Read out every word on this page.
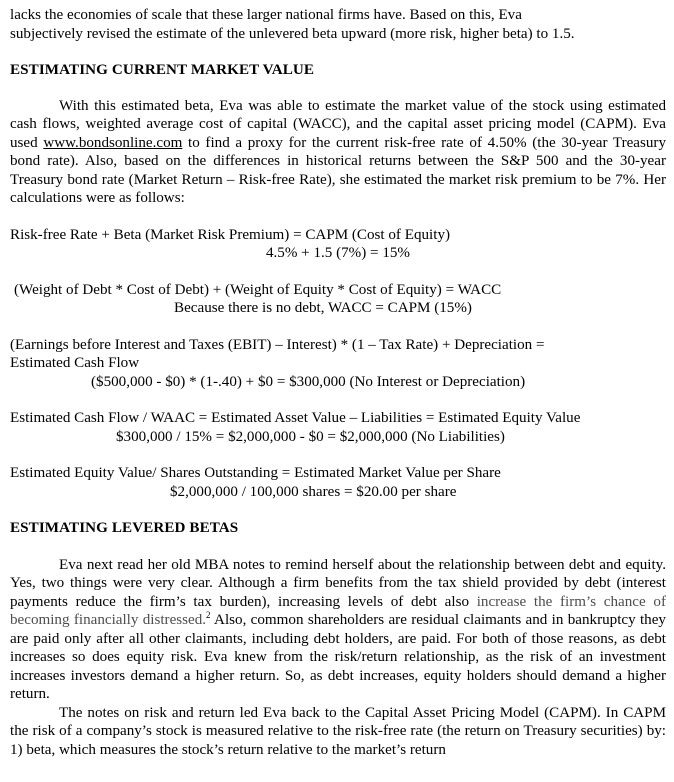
lacks the economies of scale that these larger national firms have. Based on this, Eva
subjectively revised the estimate of the unlevered beta upward (more risk, higher beta) to 1.5.

ESTIMATING CURRENT MARKET VALUE

With this estimated beta, Eva was able to estimate the market value of the stock using estimated cash flows, weighted average cost of capital (WACC), and the capital asset pricing model (CAPM). Eva used www.bondsonline.com to find a proxy for the current risk-free rate of 4.50% (the 30-year Treasury bond rate). Also, based on the differences in historical returns between the S&P 500 and the 30-year Treasury bond rate (Market Return – Risk-free Rate), she estimated the market risk premium to be 7%. Her calculations were as follows:

Risk-free Rate + Beta (Market Risk Premium) = CAPM (Cost of Equity)

4.5% + 1.5 (7%) = 15%

(Weight of Debt * Cost of Debt) + (Weight of Equity * Cost of Equity) = WACC

Because there is no debt, WACC = CAPM (15%)

(Earnings before Interest and Taxes (EBIT) – Interest) * (1 – Tax Rate) + Depreciation =

Estimated Cash Flow

($500,000 - $0) * (1-.40) + $0 = $300,000 (No Interest or Depreciation)

Estimated Cash Flow / WAAC = Estimated Asset Value – Liabilities = Estimated Equity Value

$300,000 / 15% = $2,000,000 - $0 = $2,000,000 (No Liabilities)

Estimated Equity Value/ Shares Outstanding = Estimated Market Value per Share

$2,000,000 / 100,000 shares = $20.00 per share

ESTIMATING LEVERED BETAS

Eva next read her old MBA notes to remind herself about the relationship between debt and equity. Yes, two things were very clear. Although a firm benefits from the tax shield provided by debt (interest payments reduce the firm’s tax burden), increasing levels of debt also increase the firm’s chance of becoming financially distressed.$^2$ Also, common shareholders are residual claimants and in bankruptcy they are paid only after all other claimants, including debt holders, are paid. For both of those reasons, as debt increases so does equity risk. Eva knew from the risk/return relationship, as the risk of an investment increases investors demand a higher return. So, as debt increases, equity holders should demand a higher return.

The notes on risk and return led Eva back to the Capital Asset Pricing Model (CAPM). In CAPM the risk of a company’s stock is measured relative to the risk-free rate (the return on Treasury securities) by: 1) beta, which measures the stock’s return relative to the market’s return
